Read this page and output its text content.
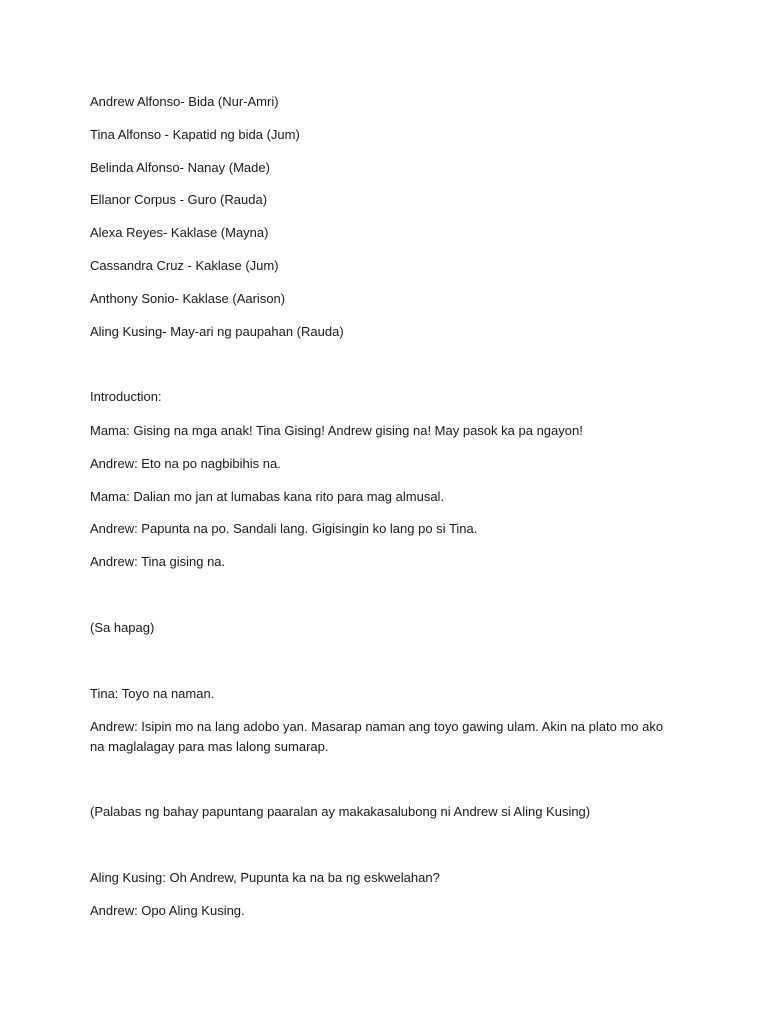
Andrew Alfonso- Bida (Nur-Amri)
Tina Alfonso - Kapatid ng bida (Jum)
Belinda Alfonso- Nanay (Made)
Ellanor Corpus - Guro (Rauda)
Alexa Reyes- Kaklase (Mayna)
Cassandra Cruz - Kaklase (Jum)
Anthony Sonio- Kaklase (Aarison)
Aling Kusing- May-ari ng paupahan (Rauda)
Introduction:
Mama: Gising na mga anak! Tina Gising! Andrew gising na! May pasok ka pa ngayon!
Andrew: Eto na po nagbibihis na.
Mama: Dalian mo jan at lumabas kana rito para mag almusal.
Andrew: Papunta na po. Sandali lang. Gigisingin ko lang po si Tina.
Andrew: Tina gising na.
(Sa hapag)
Tina: Toyo na naman.
Andrew: Isipin mo na lang adobo yan. Masarap naman ang toyo gawing ulam. Akin na plato mo ako na maglalagay para mas lalong sumarap.
(Palabas ng bahay papuntang paaralan ay makakasalubong ni Andrew si Aling Kusing)
Aling Kusing: Oh Andrew, Pupunta ka na ba ng eskwelahan?
Andrew: Opo Aling Kusing.
